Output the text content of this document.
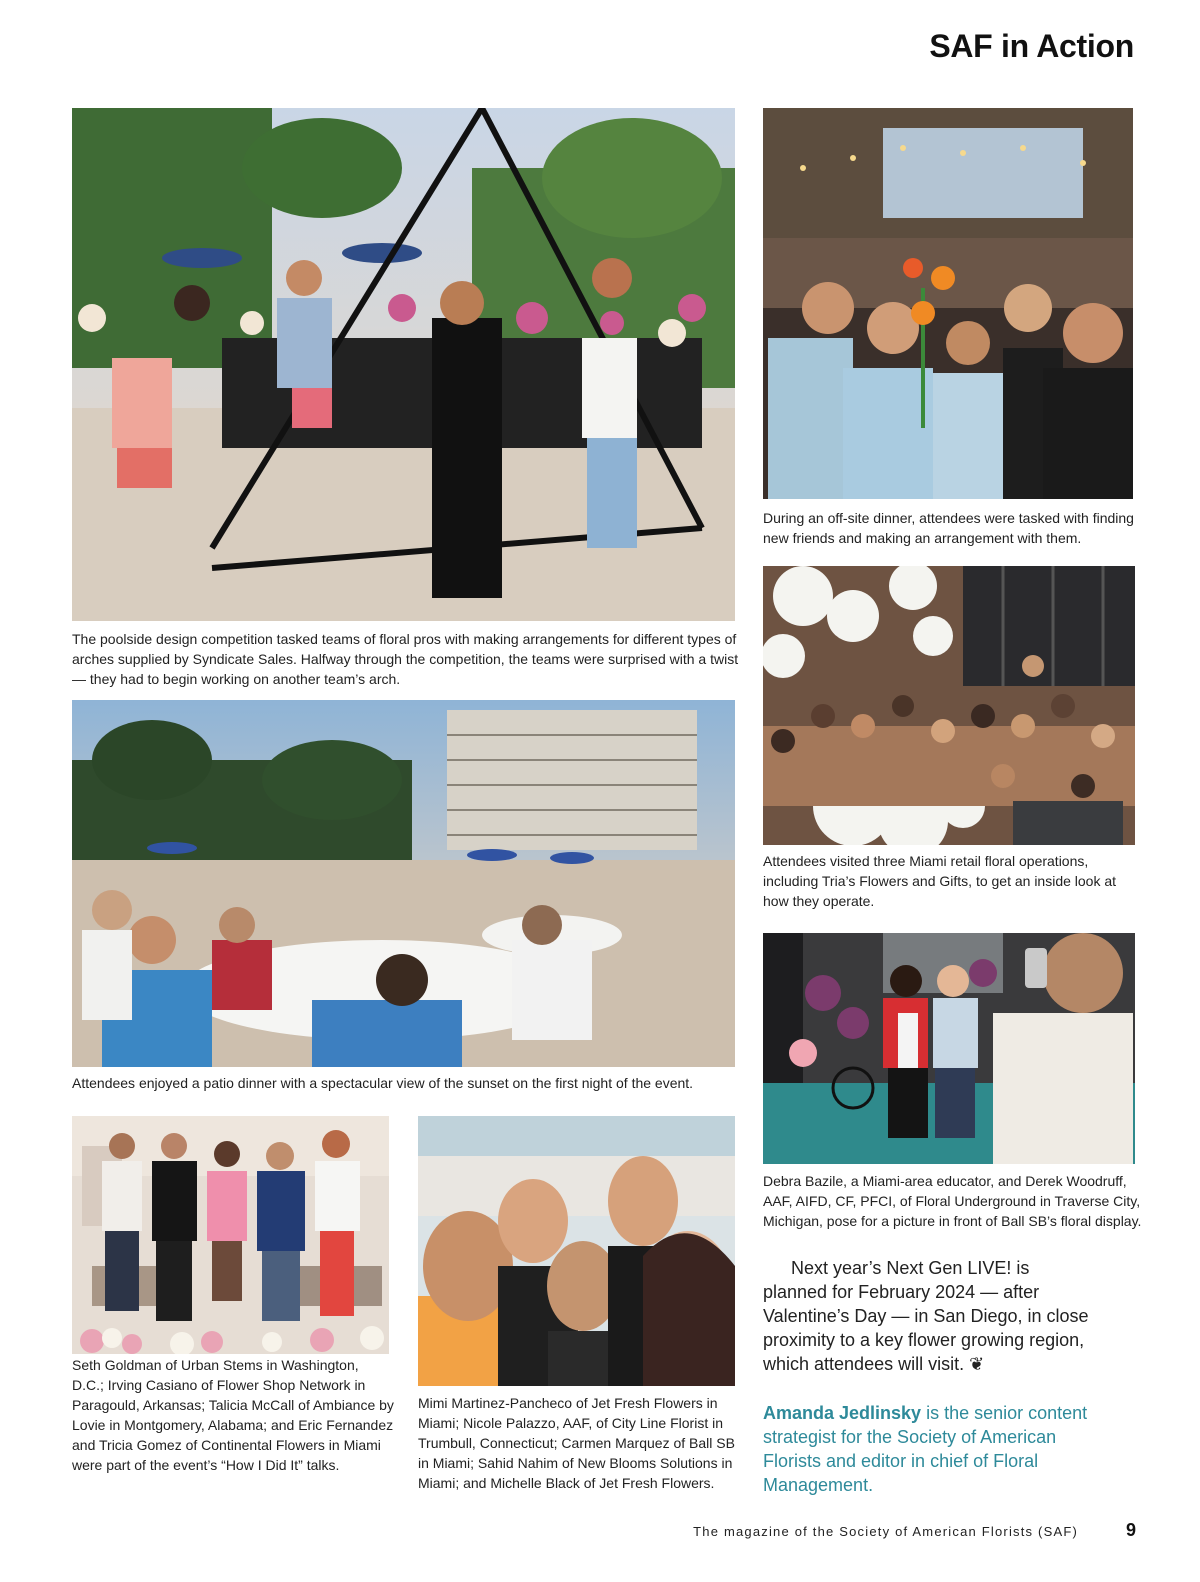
SAF in Action
The poolside design competition tasked teams of floral pros with making arrangements for different types of arches supplied by Syndicate Sales. Halfway through the competition, the teams were surprised with a twist — they had to begin working on another team’s arch.
During an off-site dinner, attendees were tasked with finding new friends and making an arrangement with them.
Attendees enjoyed a patio dinner with a spectacular view of the sunset on the first night of the event.
Attendees visited three Miami retail floral operations, including Tria’s Flowers and Gifts, to get an inside look at how they operate.
Debra Bazile, a Miami-area educator, and Derek Woodruff, AAF, AIFD, CF, PFCI, of Floral Underground in Traverse City, Michigan, pose for a picture in front of Ball SB’s floral display.
Seth Goldman of Urban Stems in Washington, D.C.; Irving Casiano of Flower Shop Network in Paragould, Arkansas; Talicia McCall of Ambiance by Lovie in Montgomery, Alabama; and Eric Fernandez and Tricia Gomez of Continental Flowers in Miami were part of the event’s “How I Did It” talks.
Mimi Martinez-Pancheco of Jet Fresh Flowers in Miami; Nicole Palazzo, AAF, of City Line Florist in Trumbull, Connecticut; Carmen Marquez of Ball SB in Miami; Sahid Nahim of New Blooms Solutions in Miami; and Michelle Black of Jet Fresh Flowers.
Next year’s Next Gen LIVE! is planned for February 2024 — after Valentine’s Day — in San Diego, in close proximity to a key flower growing region, which attendees will visit. ❦
Amanda Jedlinsky is the senior content strategist for the Society of American Florists and editor in chief of Floral Management.
The magazine of the Society of American Florists (SAF)	9
